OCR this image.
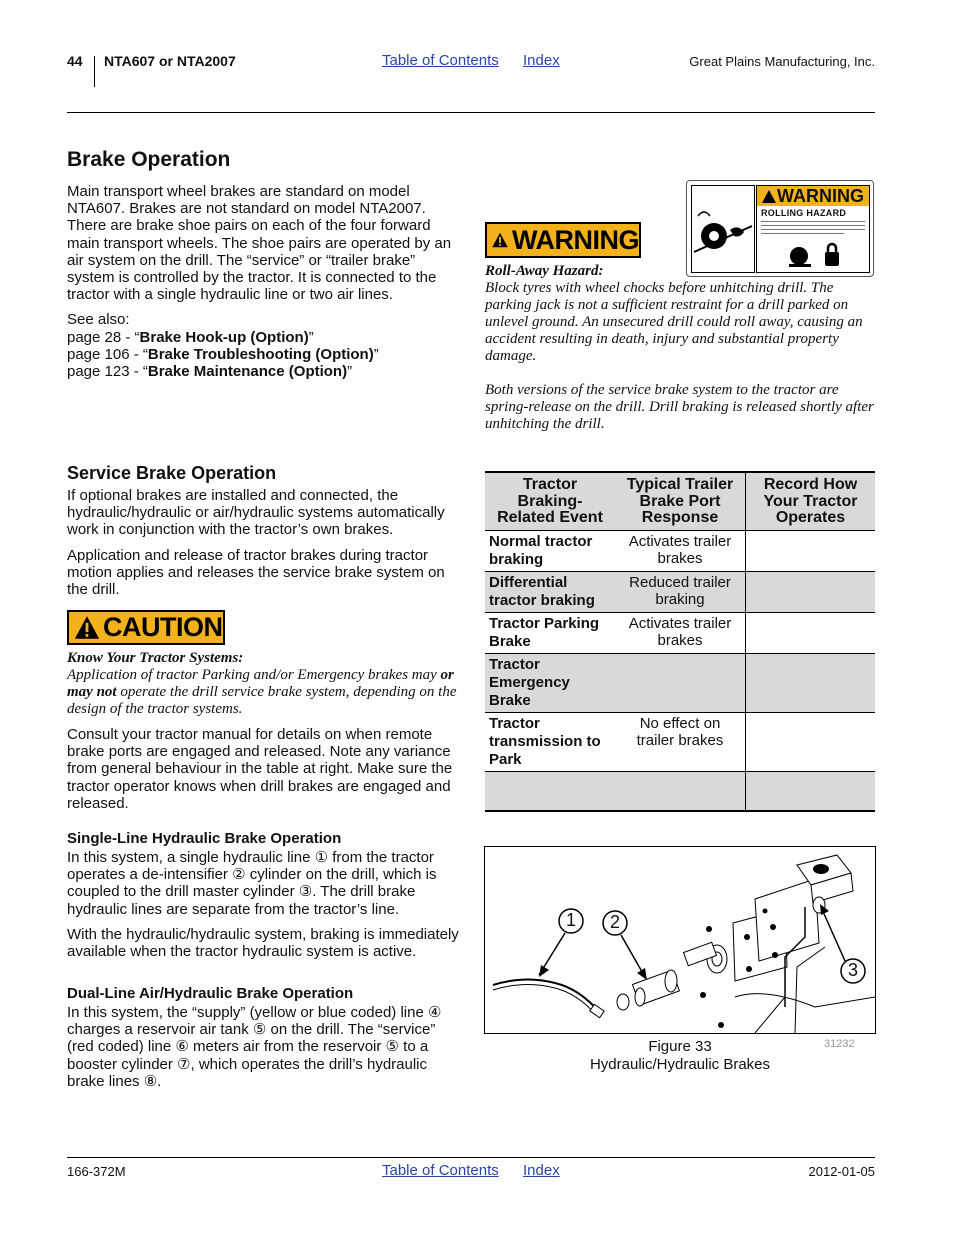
44 NTA607 or NTA2007	Table of Contents Index	Great Plains Manufacturing, Inc.
Brake Operation

Main transport wheel brakes are standard on model NTA607. Brakes are not standard on model NTA2007. There are brake shoe pairs on each of the four forward main transport wheels. The shoe pairs are operated by an air system on the drill. The “service” or “trailer brake” system is controlled by the tractor. It is connected to the tractor with a single hydraulic line or two air lines.

See also:

page 28 - “Brake Hook-up (Option)”

page 106 - “Brake Troubleshooting (Option)”

page 123 - “Brake Maintenance (Option)”

WARNING
WARNING
ROLLING HAZARD
Roll-Away Hazard:
Block tyres with wheel chocks before unhitching drill. The parking jack is not a sufficient restraint for a drill parked on unlevel ground. An unsecured drill could roll away, causing an accident resulting in death, injury and substantial property damage.
Both versions of the service brake system to the tractor are spring-release on the drill. Drill braking is released shortly after unhitching the drill.
Service Brake Operation

If optional brakes are installed and connected, the hydraulic/hydraulic or air/hydraulic systems automatically work in conjunction with the tractor’s own brakes.

Application and release of tractor brakes during tractor motion applies and releases the service brake system on the drill.

CAUTION
Know Your Tractor Systems:
Application of tractor Parking and/or Emergency brakes may or may not operate the drill service brake system, depending on the design of the tractor systems.

Consult your tractor manual for details on when remote brake ports are engaged and released. Note any variance from general behaviour in the table at right. Make sure the tractor operator knows when drill brakes are engaged and released.

Single-Line Hydraulic Brake Operation

In this system, a single hydraulic line ① from the tractor operates a de-intensifier ② cylinder on the drill, which is coupled to the drill master cylinder ③. The drill brake hydraulic lines are separate from the tractor’s line.

With the hydraulic/hydraulic system, braking is immediately available when the tractor hydraulic system is active.

Dual-Line Air/Hydraulic Brake Operation

In this system, the “supply” (yellow or blue coded) line ④ charges a reservoir air tank ⑤ on the drill. The “service” (red coded) line ⑥ meters air from the reservoir ⑤ to a booster cylinder ⑦, which operates the drill’s hydraulic brake lines ⑧.

Tractor Braking-Related Event	Typical Trailer Brake Port Response	Record How Your Tractor Operates
Normal tractor braking	Activates trailer brakes	
Differential tractor braking	Reduced trailer braking	
Tractor Parking Brake	Activates trailer brakes	
Tractor Emergency Brake		
Tractor transmission to Park	No effect on trailer brakes	

1 2
3
Figure 33
Hydraulic/Hydraulic Brakes
31232
166-372M	Table of Contents Index	2012-01-05
